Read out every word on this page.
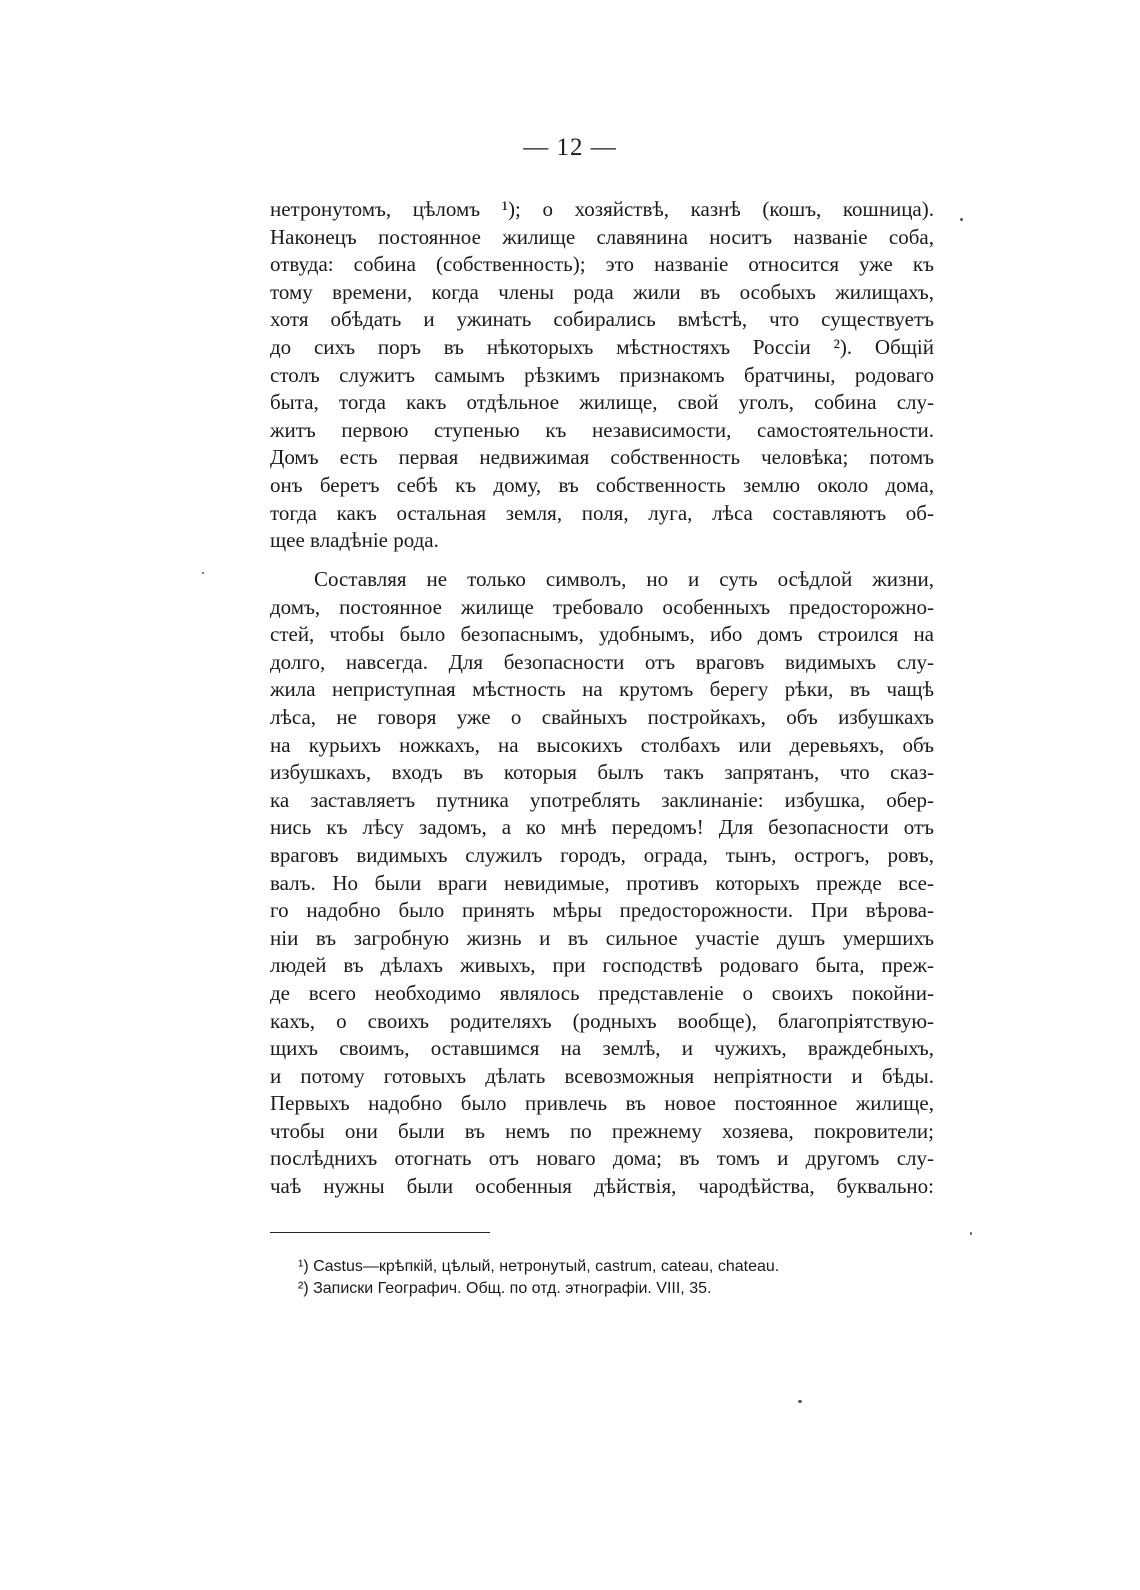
— 12 —
нетронутомъ, цѣломъ ¹); о хозяйствѣ, казнѣ (кошъ, кошница).
Наконецъ постоянное жилище славянина носитъ названіе соба,
отвуда: собина (собственность); это названіе относится уже къ
тому времени, когда члены рода жили въ особыхъ жилищахъ,
хотя обѣдать и ужинать собирались вмѣстѣ, что существуетъ
до сихъ поръ въ нѣкоторыхъ мѣстностяхъ Россіи ²). Общій
столъ служитъ самымъ рѣзкимъ признакомъ братчины, родоваго
быта, тогда какъ отдѣльное жилище, свой уголъ, собина слу-
житъ первою ступенью къ независимости, самостоятельности.
Домъ есть первая недвижимая собственность человѣка; потомъ
онъ беретъ себѣ къ дому, въ собственность землю около дома,
тогда какъ остальная земля, поля, луга, лѣса составляютъ об-
щее владѣніе рода.
Составляя не только символъ, но и суть осѣдлой жизни,
домъ, постоянное жилище требовало особенныхъ предосторожно-
стей, чтобы было безопаснымъ, удобнымъ, ибо домъ строился на
долго, навсегда. Для безопасности отъ враговъ видимыхъ слу-
жила неприступная мѣстность на крутомъ берегу рѣки, въ чащѣ
лѣса, не говоря уже о свайныхъ постройкахъ, объ избушкахъ
на курьихъ ножкахъ, на высокихъ столбахъ или деревьяхъ, объ
избушкахъ, входъ въ которыя былъ такъ запрятанъ, что сказ-
ка заставляетъ путника употреблять заклинаніе: избушка, обер-
нись къ лѣсу задомъ, а ко мнѣ передомъ! Для безопасности отъ
враговъ видимыхъ служилъ городъ, ограда, тынъ, острогъ, ровъ,
валъ. Но были враги невидимые, противъ которыхъ прежде все-
го надобно было принять мѣры предосторожности. При вѣрова-
ніи въ загробную жизнь и въ сильное участіе душъ умершихъ
людей въ дѣлахъ живыхъ, при господствѣ родоваго быта, преж-
де всего необходимо являлось представленіе о своихъ покойни-
кахъ, о своихъ родителяхъ (родныхъ вообще), благопріятствую-
щихъ своимъ, оставшимся на землѣ, и чужихъ, враждебныхъ,
и потому готовыхъ дѣлать всевозможныя непріятности и бѣды.
Первыхъ надобно было привлечь въ новое постоянное жилище,
чтобы они были въ немъ по прежнему хозяева, покровители;
послѣднихъ отогнать отъ новаго дома; въ томъ и другомъ слу-
чаѣ нужны были особенныя дѣйствія, чародѣйства, буквально:
¹) Castus—крѣпкій, цѣлый, нетронутый, castrum, cateau, chateau.
²) Записки Географич. Общ. по отд. этнографіи. VIII, 35.
